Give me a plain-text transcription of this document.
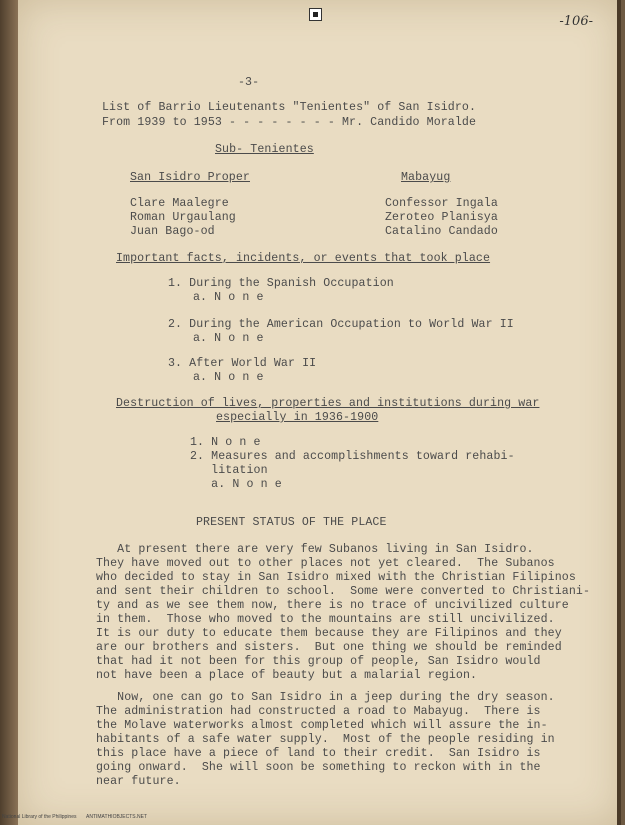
-106-
-3-
List of Barrio Lieutenants "Tenientes" of San Isidro.
From 1939 to 1953 - - - - - - - - Mr. Candido Moralde
Sub- Tenientes
San Isidro Proper	Mabayug
Clare Maalegre
Roman Urgaulang
Juan Bago-od
Confessor Ingala
Zeroteo Planisya
Catalino Candado
Important facts, incidents, or events that took place
1. During the Spanish Occupation
a. N o n e
2. During the American Occupation to World War II
a. N o n e
3. After World War II
a. N o n e
Destruction of lives, properties and institutions during war
especially in 1936-1900
1. N o n e
2. Measures and accomplishments toward rehabi-
litation
a. N o n e
PRESENT STATUS OF THE PLACE
At present there are very few Subanos living in San Isidro.
They have moved out to other places not yet cleared.  The Subanos
who decided to stay in San Isidro mixed with the Christian Filipinos
and sent their children to school.  Some were converted to Christiani-
ty and as we see them now, there is no trace of uncivilized culture
in them.  Those who moved to the mountains are still uncivilized.
It is our duty to educate them because they are Filipinos and they
are our brothers and sisters.  But one thing we should be reminded
that had it not been for this group of people, San Isidro would
not have been a place of beauty but a malarial region.
Now, one can go to San Isidro in a jeep during the dry season.
The administration had constructed a road to Mabayug.  There is
the Molave waterworks almost completed which will assure the in-
habitants of a safe water supply.  Most of the people residing in
this place have a piece of land to their credit.  San Isidro is
going onward.  She will soon be something to reckon with in the
near future.
National Library of the Philippines ANTIMATHIOBJECTS.NET
